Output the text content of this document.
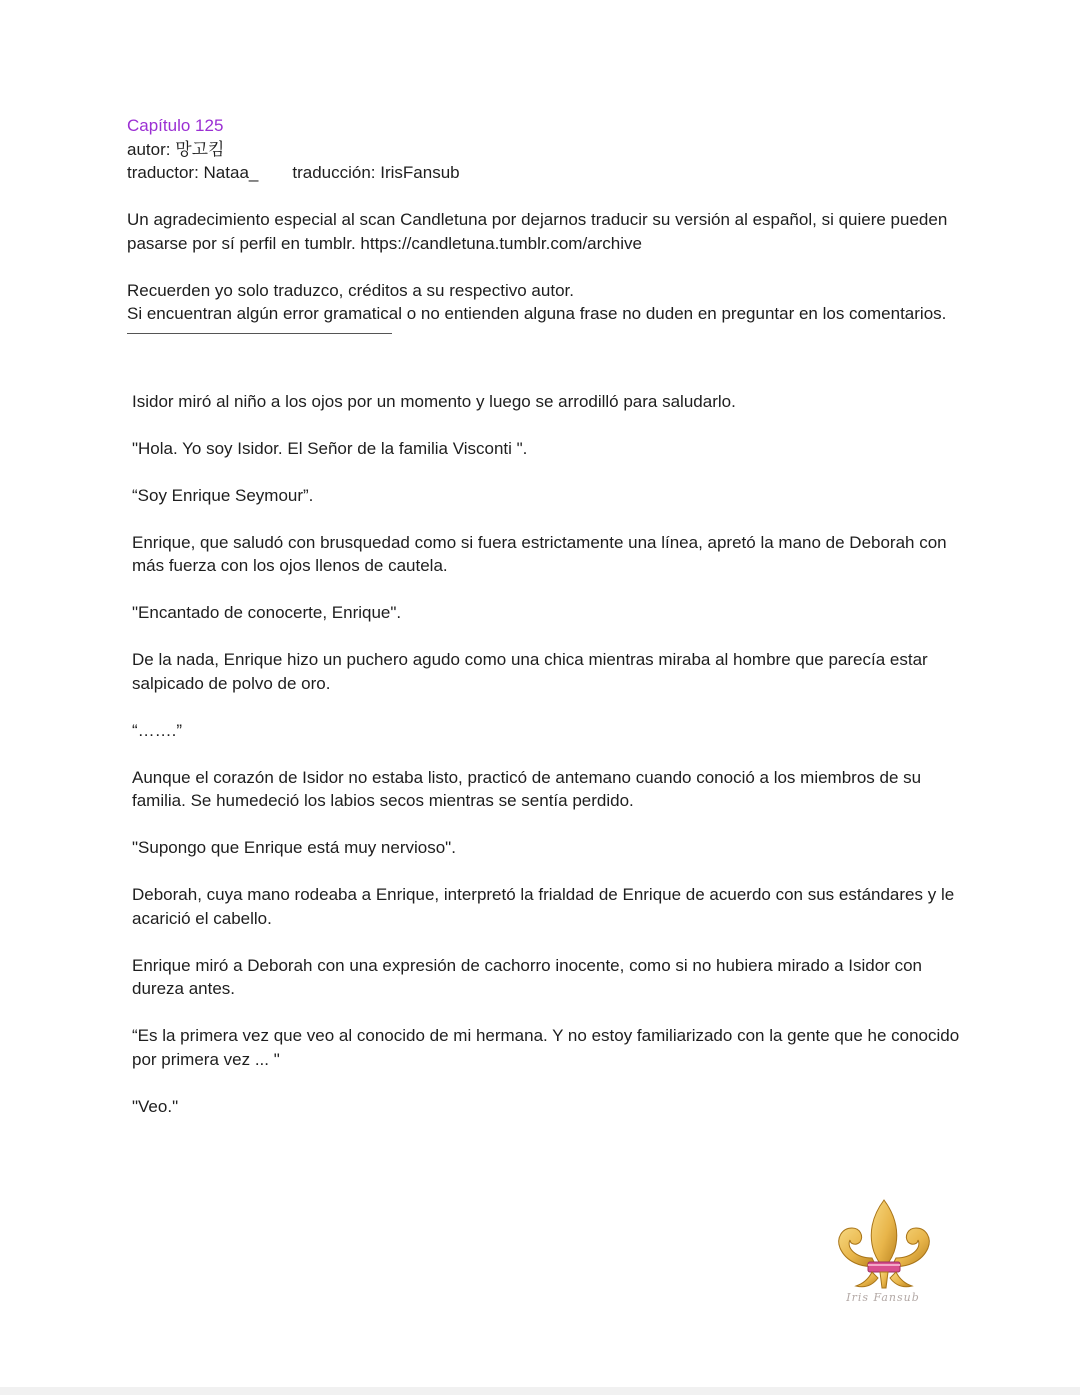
Capítulo 125

autor: 망고킴

traductor: Nataa_ traducción: IrisFansub

Un agradecimiento especial al scan Candletuna por dejarnos traducir su versión al español, si quiere pueden pasarse por sí perfil en tumblr. https://candletuna.tumblr.com/archive

Recuerden yo solo traduzco, créditos a su respectivo autor.

Si encuentran algún error gramatical o no entienden alguna frase no duden en preguntar en los comentarios.

Isidor miró al niño a los ojos por un momento y luego se arrodilló para saludarlo.

"Hola. Yo soy Isidor. El Señor de la familia Visconti ".

“Soy Enrique Seymour”.

Enrique, que saludó con brusquedad como si fuera estrictamente una línea, apretó la mano de Deborah con más fuerza con los ojos llenos de cautela.

"Encantado de conocerte, Enrique".

De la nada, Enrique hizo un puchero agudo como una chica mientras miraba al hombre que parecía estar salpicado de polvo de oro.

“…….”

Aunque el corazón de Isidor no estaba listo, practicó de antemano cuando conoció a los miembros de su familia. Se humedeció los labios secos mientras se sentía perdido.

"Supongo que Enrique está muy nervioso".

Deborah, cuya mano rodeaba a Enrique, interpretó la frialdad de Enrique de acuerdo con sus estándares y le acarició el cabello.

Enrique miró a Deborah con una expresión de cachorro inocente, como si no hubiera mirado a Isidor con dureza antes.

“Es la primera vez que veo al conocido de mi hermana. Y no estoy familiarizado con la gente que he conocido por primera vez ... "

"Veo."

Iris Fansub
